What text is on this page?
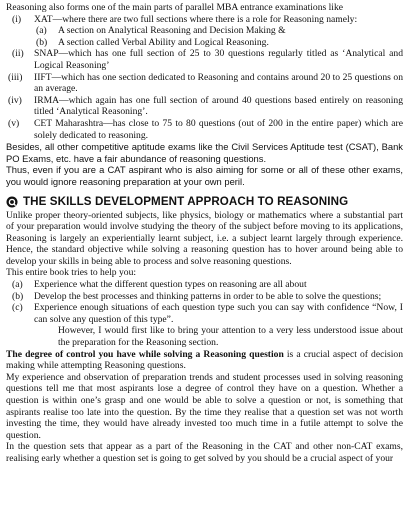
Reasoning also forms one of the main parts of parallel MBA entrance examinations like

(i)	XAT—where there are two full sections where there is a role for Reasoning namely:
(a)	A section on Analytical Reasoning and Decision Making &
(b)	A section called Verbal Ability and Logical Reasoning.
(ii)	SNAP—which has one full section of 25 to 30 questions regularly titled as ‘Analytical and Logical Reasoning’
(iii)	IIFT—which has one section dedicated to Reasoning and contains around 20 to 25 questions on an average.
(iv)	IRMA—which again has one full section of around 40 questions based entirely on reasoning titled ‘Analytical Reasoning’.
(v)	CET Maharashtra—has close to 75 to 80 questions (out of 200 in the entire paper) which are solely dedicated to reasoning.

Besides, all other competitive aptitude exams like the Civil Services Aptitude test (CSAT), Bank PO Exams, etc. have a fair abundance of reasoning questions.

Thus, even if you are a CAT aspirant who is also aiming for some or all of these other exams, you would ignore reasoning preparation at your own peril.

THE SKILLS DEVELOPMENT APPROACH TO REASONING

Unlike proper theory-oriented subjects, like physics, biology or mathematics where a substantial part of your preparation would involve studying the theory of the subject before moving to its applications, Reasoning is largely an experientially learnt subject, i.e. a subject learnt largely through experience. Hence, the standard objective while solving a reasoning question has to hover around being able to develop your skills in being able to process and solve reasoning questions.

This entire book tries to help you:

(a)	Experience what the different question types on reasoning are all about
(b)	Develop the best processes and thinking patterns in order to be able to solve the questions;
(c)	Experience enough situations of each question type such you can say with confidence “Now, I can solve any question of this type”.

However, I would first like to bring your attention to a very less understood issue about the preparation for the Reasoning section.

The degree of control you have while solving a Reasoning question is a crucial aspect of decision making while attempting Reasoning questions.

My experience and observation of preparation trends and student processes used in solving reasoning questions tell me that most aspirants lose a degree of control they have on a question. Whether a question is within one’s grasp and one would be able to solve a question or not, is something that aspirants realise too late into the question. By the time they realise that a question set was not worth investing the time, they would have already invested too much time in a futile attempt to solve the question.

In the question sets that appear as a part of the Reasoning in the CAT and other non-CAT exams, realising early whether a question set is going to get solved by you should be a crucial aspect of your
